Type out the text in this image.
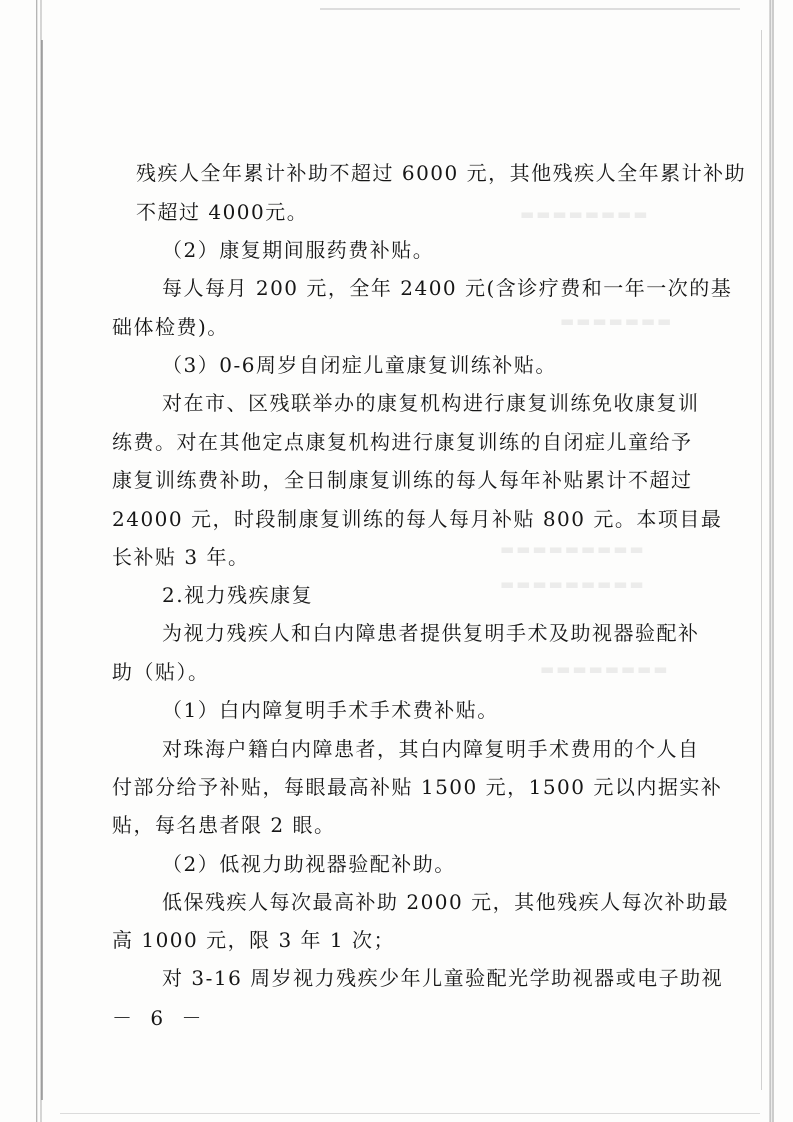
▬▬▬▬▬▬▬▬
▬▬▬▬▬▬▬
▬▬▬▬▬▬▬▬▬
▬▬▬▬▬▬▬▬▬
▬▬▬▬▬▬▬▬
残疾人全年累计补助不超过 6000 元，其他残疾人全年累计补助
不超过 4000元。
（2）康复期间服药费补贴。
每人每月 200 元，全年 2400 元(含诊疗费和一年一次的基
础体检费)。
（3）0-6周岁自闭症儿童康复训练补贴。
对在市、区残联举办的康复机构进行康复训练免收康复训
练费。对在其他定点康复机构进行康复训练的自闭症儿童给予
康复训练费补助，全日制康复训练的每人每年补贴累计不超过
24000 元，时段制康复训练的每人每月补贴 800 元。本项目最
长补贴 3 年。
2.视力残疾康复
为视力残疾人和白内障患者提供复明手术及助视器验配补
助（贴）。
（1）白内障复明手术手术费补贴。
对珠海户籍白内障患者，其白内障复明手术费用的个人自
付部分给予补贴，每眼最高补贴 1500 元，1500 元以内据实补
贴，每名患者限 2 眼。
（2）低视力助视器验配补助。
低保残疾人每次最高补助 2000 元，其他残疾人每次补助最
高 1000 元，限 3 年 1 次；
对 3-16 周岁视力残疾少年儿童验配光学助视器或电子助视
－ 6 －
